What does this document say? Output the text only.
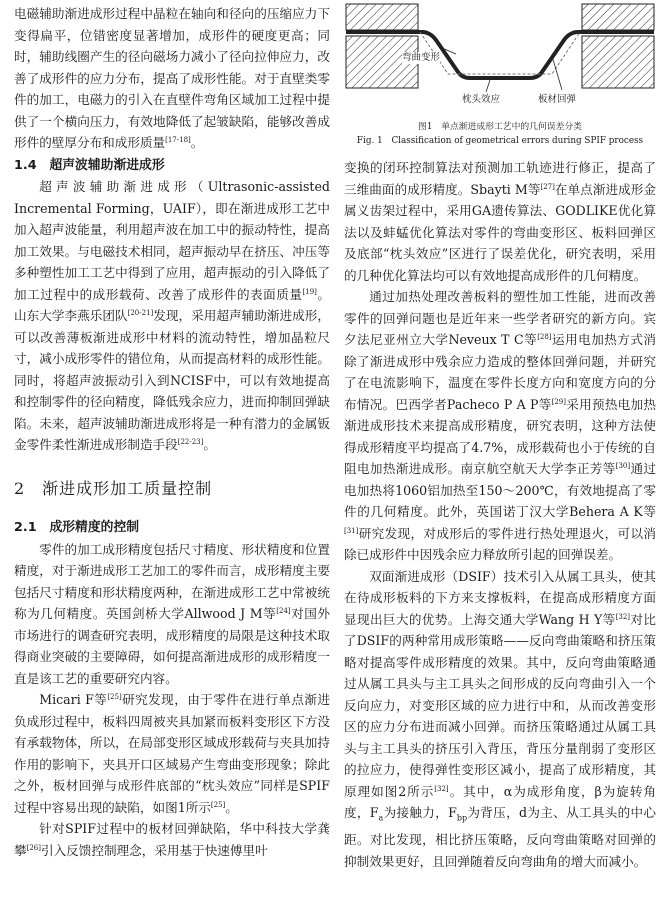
电磁辅助渐进成形过程中晶粒在轴向和径向的压缩应力下变得扁平，位错密度显著增加，成形件的硬度更高；同时，辅助线圈产生的径向磁场力减小了径向拉伸应力，改善了成形件的应力分布，提高了成形性能。对于直壁类零件的加工，电磁力的引入在直壁件弯角区域加工过程中提供了一个横向压力，有效地降低了起皱缺陷，能够改善成形件的壁厚分布和成形质量[17-18]。

1.4　超声波辅助渐进成形

超声波辅助渐进成形（Ultrasonic-assisted Incremental Forming，UAIF），即在渐进成形工艺中加入超声波能量，利用超声波在加工中的振动特性，提高加工效果。与电磁技术相同，超声振动早在挤压、冲压等多种塑性加工工艺中得到了应用，超声振动的引入降低了加工过程中的成形载荷、改善了成形件的表面质量[19]。山东大学李燕乐团队[20-21]发现，采用超声辅助渐进成形，可以改善薄板渐进成形中材料的流动特性，增加晶粒尺寸，减小成形零件的错位角，从而提高材料的成形性能。同时，将超声波振动引入到NCISF中，可以有效地提高和控制零件的径向精度，降低残余应力，进而抑制回弹缺陷。未来，超声波辅助渐进成形将是一种有潜力的金属钣金零件柔性渐进成形制造手段[22-23]。

2　渐进成形加工质量控制

2.1　成形精度的控制

零件的加工成形精度包括尺寸精度、形状精度和位置精度，对于渐进成形工艺加工的零件而言，成形精度主要包括尺寸精度和形状精度两种，在渐进成形工艺中常被统称为几何精度。英国剑桥大学Allwood J M等[24]对国外市场进行的调查研究表明，成形精度的局限是这种技术取得商业突破的主要障碍，如何提高渐进成形的成形精度一直是该工艺的重要研究内容。

Micari F等[25]研究发现，由于零件在进行单点渐进负成形过程中，板料四周被夹具加紧而板料变形区下方没有承载物体，所以，在局部变形区域成形载荷与夹具加持作用的影响下，夹具开口区域易产生弯曲变形现象；除此之外，板材回弹与成形件底部的“枕头效应”同样是SPIF过程中容易出现的缺陷，如图1所示[25]。

针对SPIF过程中的板材回弹缺陷，华中科技大学龚攀[26]引入反馈控制理念，采用基于快速傅里叶

弯曲变形
枕头效应	板材回弹

图1　单点渐进成形工艺中的几何误差分类

Fig. 1　Classification of geometrical errors during SPIF process

变换的闭环控制算法对预测加工轨迹进行修正，提高了三维曲面的成形精度。Sbayti M等[27]在单点渐进成形金属义齿架过程中，采用GA遗传算法、GODLIKE优化算法以及蚌蜢优化算法对零件的弯曲变形区、板料回弹区及底部“枕头效应”区进行了误差优化，研究表明，采用的几种优化算法均可以有效地提高成形件的几何精度。

通过加热处理改善板料的塑性加工性能，进而改善零件的回弹问题也是近年来一些学者研究的新方向。宾夕法尼亚州立大学Neveux T C等[28]运用电加热方式消除了渐进成形中残余应力造成的整体回弹问题，并研究了在电流影响下，温度在零件长度方向和宽度方向的分布情况。巴西学者Pacheco P A P等[29]采用预热电加热渐进成形技术来提高成形精度，研究表明，这种方法使得成形精度平均提高了4.7%，成形载荷也小于传统的自阻电加热渐进成形。南京航空航天大学李正芳等[30]通过电加热将1060铝加热至150～200℃，有效地提高了零件的几何精度。此外，英国诺丁汉大学Behera A K等[31]研究发现，对成形后的零件进行热处理退火，可以消除已成形件中因残余应力释放所引起的回弹误差。

双面渐进成形（DSIF）技术引入从属工具头，使其在待成形板料的下方来支撑板料，在提高成形精度方面显现出巨大的优势。上海交通大学Wang H Y等[32]对比了DSIF的两种常用成形策略——反向弯曲策略和挤压策略对提高零件成形精度的效果。其中，反向弯曲策略通过从属工具头与主工具头之间形成的反向弯曲引入一个反向应力，对变形区域的应力进行中和，从而改善变形区的应力分布进而减小回弹。而挤压策略通过从属工具头与主工具头的挤压引入背压，背压分量削弱了变形区的拉应力，使得弹性变形区减小，提高了成形精度，其原理如图2所示[32]。其中，α为成形角度，β为旋转角度，$F_a$为接触力，$F_{bp}$为背压，d为主、从工具头的中心距。对比发现，相比挤压策略，反向弯曲策略对回弹的抑制效果更好，且回弹随着反向弯曲角的增大而减小。
